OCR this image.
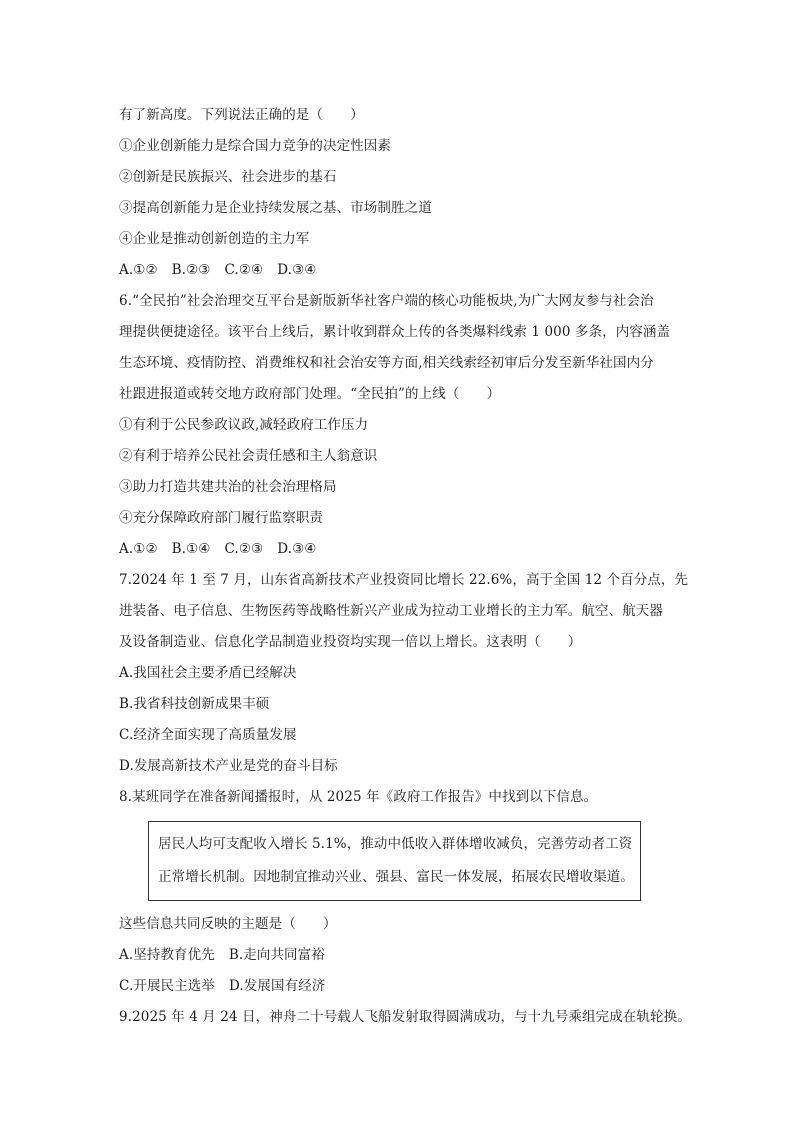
有了新高度。下列说法正确的是（　　）
①企业创新能力是综合国力竞争的决定性因素
②创新是民族振兴、社会进步的基石
③提高创新能力是企业持续发展之基、市场制胜之道
④企业是推动创新创造的主力军
A.①② B.②③ C.②④ D.③④
6.“全民拍”社会治理交互平台是新版新华社客户端的核心功能板块,为广大网友参与社会治
理提供便捷途径。该平台上线后，累计收到群众上传的各类爆料线索 1 000 多条，内容涵盖
生态环境、疫情防控、消费维权和社会治安等方面,相关线索经初审后分发至新华社国内分
社跟进报道或转交地方政府部门处理。“全民拍”的上线（　　）
①有利于公民参政议政,减轻政府工作压力
②有利于培养公民社会责任感和主人翁意识
③助力打造共建共治的社会治理格局
④充分保障政府部门履行监察职责
A.①② B.①④ C.②③ D.③④
7.2024 年 1 至 7 月，山东省高新技术产业投资同比增长 22.6%，高于全国 12 个百分点，先
进装备、电子信息、生物医药等战略性新兴产业成为拉动工业增长的主力军。航空、航天器
及设备制造业、信息化学品制造业投资均实现一倍以上增长。这表明（　　）
A.我国社会主要矛盾已经解决
B.我省科技创新成果丰硕
C.经济全面实现了高质量发展
D.发展高新技术产业是党的奋斗目标
8.某班同学在准备新闻播报时，从 2025 年《政府工作报告》中找到以下信息。
居民人均可支配收入增长 5.1%，推动中低收入群体增收减负，完善劳动者工资
正常增长机制。因地制宜推动兴业、强县、富民一体发展，拓展农民增收渠道。
这些信息共同反映的主题是（　　）
A.坚持教育优先 B.走向共同富裕
C.开展民主选举 D.发展国有经济
9.2025 年 4 月 24 日，神舟二十号载人飞船发射取得圆满成功，与十九号乘组完成在轨轮换。
